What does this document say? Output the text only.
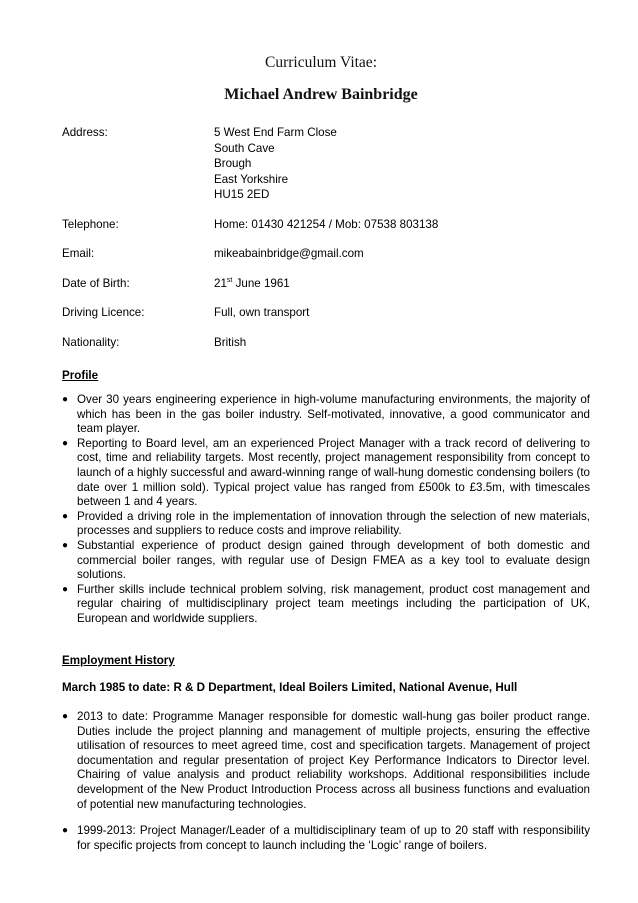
Curriculum Vitae:
Michael Andrew Bainbridge
Address:	5 West End Farm Close
South Cave
Brough
East Yorkshire
HU15 2ED
Telephone:	Home: 01430 421254 / Mob: 07538 803138
Email:	mikeabainbridge@gmail.com
Date of Birth:	21st June 1961
Driving Licence:	Full, own transport
Nationality:	British
Profile
● Over 30 years engineering experience in high-volume manufacturing environments, the majority of which has been in the gas boiler industry. Self-motivated, innovative, a good communicator and team player.
● Reporting to Board level, am an experienced Project Manager with a track record of delivering to cost, time and reliability targets. Most recently, project management responsibility from concept to launch of a highly successful and award-winning range of wall-hung domestic condensing boilers (to date over 1 million sold). Typical project value has ranged from £500k to £3.5m, with timescales between 1 and 4 years.
● Provided a driving role in the implementation of innovation through the selection of new materials, processes and suppliers to reduce costs and improve reliability.
● Substantial experience of product design gained through development of both domestic and commercial boiler ranges, with regular use of Design FMEA as a key tool to evaluate design solutions.
● Further skills include technical problem solving, risk management, product cost management and regular chairing of multidisciplinary project team meetings including the participation of UK, European and worldwide suppliers.
Employment History
March 1985 to date: R & D Department, Ideal Boilers Limited, National Avenue, Hull
● 2013 to date: Programme Manager responsible for domestic wall-hung gas boiler product range. Duties include the project planning and management of multiple projects, ensuring the effective utilisation of resources to meet agreed time, cost and specification targets. Management of project documentation and regular presentation of project Key Performance Indicators to Director level. Chairing of value analysis and product reliability workshops. Additional responsibilities include development of the New Product Introduction Process across all business functions and evaluation of potential new manufacturing technologies.
● 1999-2013: Project Manager/Leader of a multidisciplinary team of up to 20 staff with responsibility for specific projects from concept to launch including the ‘Logic’ range of boilers.
